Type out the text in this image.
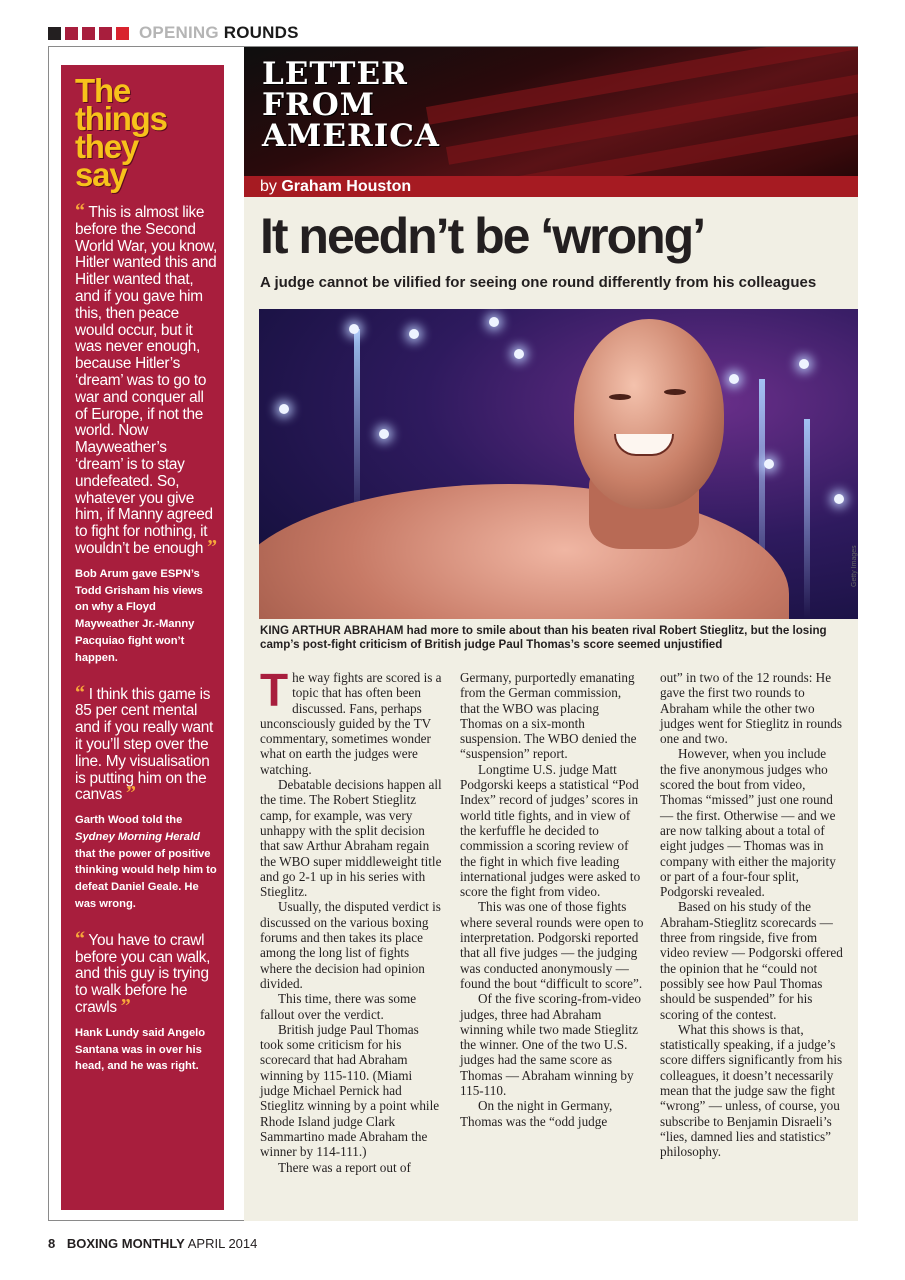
OPENING ROUNDS
The
things
they
say
“ This is almost like before the Second World War, you know, Hitler wanted this and Hitler wanted that, and if you gave him this, then peace would occur, but it was never enough, because Hitler’s ‘dream’ was to go to war and conquer all of Europe, if not the world. Now Mayweather’s ‘dream’ is to stay undefeated. So, whatever you give him, if Manny agreed to fight for nothing, it wouldn’t be enough ”
Bob Arum gave ESPN’s Todd Grisham his views on why a Floyd Mayweather Jr.-Manny Pacquiao fight won’t happen.
“ I think this game is 85 per cent mental and if you really want it you’ll step over the line. My visualisation is putting him on the canvas ”
Garth Wood told the Sydney Morning Herald that the power of positive thinking would help him to defeat Daniel Geale. He was wrong.
“ You have to crawl before you can walk, and this guy is trying to walk before he crawls ”
Hank Lundy said Angelo Santana was in over his head, and he was right.
LETTER
FROM
AMERICA
by Graham Houston
It needn’t be ‘wrong’
A judge cannot be vilified for seeing one round differently from his colleagues
Getty Images
KING ARTHUR ABRAHAM had more to smile about than his beaten rival Robert Stieglitz, but the losing camp’s post-fight criticism of British judge Paul Thomas’s score seemed unjustified

The way fights are scored is a topic that has often been discussed. Fans, perhaps unconsciously guided by the TV commentary, sometimes wonder what on earth the judges were watching.

Debatable decisions happen all the time. The Robert Stieglitz camp, for example, was very unhappy with the split decision that saw Arthur Abraham regain the WBO super middleweight title and go 2-1 up in his series with Stieglitz.

Usually, the disputed verdict is discussed on the various boxing forums and then takes its place among the long list of fights where the decision had opinion divided.

This time, there was some fallout over the verdict.

British judge Paul Thomas took some criticism for his scorecard that had Abraham winning by 115-110. (Miami judge Michael Pernick had Stieglitz winning by a point while Rhode Island judge Clark Sammartino made Abraham the winner by 114-111.)

There was a report out of

Germany, purportedly emanating from the German commission, that the WBO was placing Thomas on a six-month suspension. The WBO denied the “suspension” report.

Longtime U.S. judge Matt Podgorski keeps a statistical “Pod Index” record of judges’ scores in world title fights, and in view of the kerfuffle he decided to commission a scoring review of the fight in which five leading international judges were asked to score the fight from video.

This was one of those fights where several rounds were open to interpretation. Podgorski reported that all five judges — the judging was conducted anonymously — found the bout “difficult to score”.

Of the five scoring-from-video judges, three had Abraham winning while two made Stieglitz the winner. One of the two U.S. judges had the same score as Thomas — Abraham winning by 115-110.

On the night in Germany, Thomas was the “odd judge

out” in two of the 12 rounds: He gave the first two rounds to Abraham while the other two judges went for Stieglitz in rounds one and two.

However, when you include the five anonymous judges who scored the bout from video, Thomas “missed” just one round — the first. Otherwise — and we are now talking about a total of eight judges — Thomas was in company with either the majority or part of a four-four split, Podgorski revealed.

Based on his study of the Abraham-Stieglitz scorecards — three from ringside, five from video review — Podgorski offered the opinion that he “could not possibly see how Paul Thomas should be suspended” for his scoring of the contest.

What this shows is that, statistically speaking, if a judge’s score differs significantly from his colleagues, it doesn’t necessarily mean that the judge saw the fight “wrong” — unless, of course, you subscribe to Benjamin Disraeli’s “lies, damned lies and statistics” philosophy.

8 BOXING MONTHLY APRIL 2014
